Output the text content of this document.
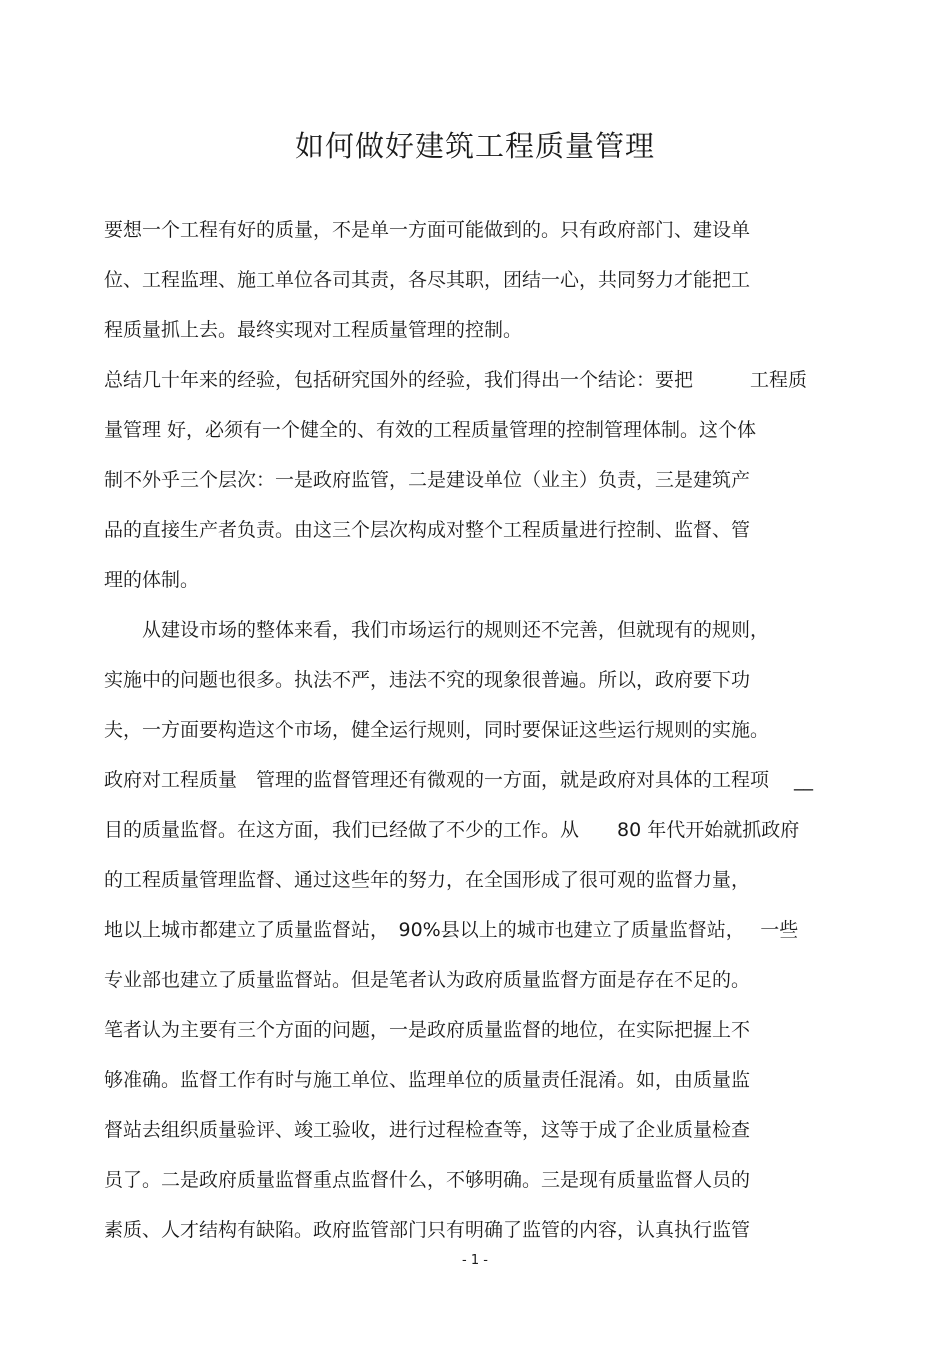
如何做好建筑工程质量管理
要想一个工程有好的质量，不是单一方面可能做到的。只有政府部门、建设单
位、工程监理、施工单位各司其责，各尽其职，团结一心，共同努力才能把工
程质量抓上去。最终实现对工程质量管理的控制。
总结几十年来的经验，包括研究国外的经验，我们得出一个结论：要把　　　工程质
量管理 好，必须有一个健全的、有效的工程质量管理的控制管理体制。这个体
制不外乎三个层次：一是政府监管，二是建设单位（业主）负责，三是建筑产
品的直接生产者负责。由这三个层次构成对整个工程质量进行控制、监督、管
理的体制。
　　从建设市场的整体来看，我们市场运行的规则还不完善，但就现有的规则，
实施中的问题也很多。执法不严，违法不究的现象很普遍。所以，政府要下功
夫，一方面要构造这个市场，健全运行规则，同时要保证这些运行规则的实施。
政府对工程质量　管理的监督管理还有微观的一方面，就是政府对具体的工程项　 __
目的质量监督。在这方面，我们已经做了不少的工作。从　　80 年代开始就抓政府
的工程质量管理监督、通过这些年的努力，在全国形成了很可观的监督力量，
地以上城市都建立了质量监督站，　90%县以上的城市也建立了质量监督站，　 一些
专业部也建立了质量监督站。但是笔者认为政府质量监督方面是存在不足的。
笔者认为主要有三个方面的问题，一是政府质量监督的地位，在实际把握上不
够准确。监督工作有时与施工单位、监理单位的质量责任混淆。如，由质量监
督站去组织质量验评、竣工验收，进行过程检查等，这等于成了企业质量检查
员了。二是政府质量监督重点监督什么，不够明确。三是现有质量监督人员的
素质、人才结构有缺陷。政府监管部门只有明确了监管的内容，认真执行监管
- 1 -
